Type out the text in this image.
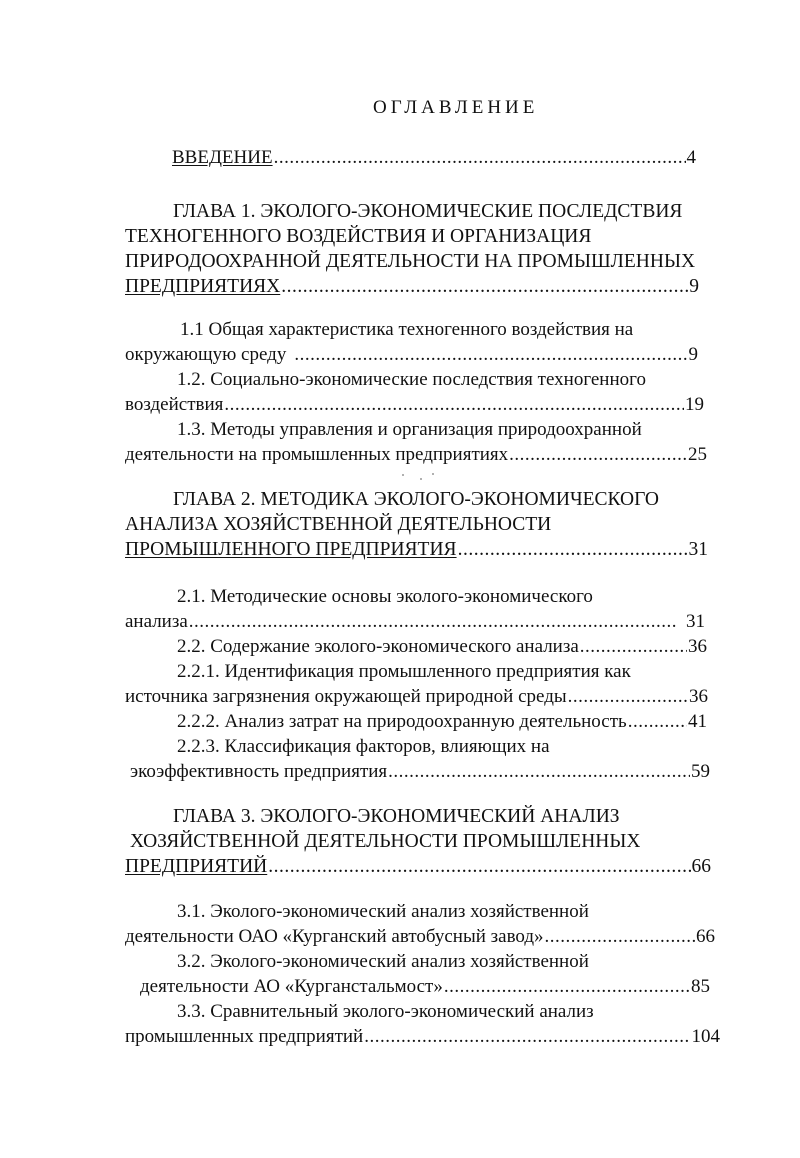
ОГЛАВЛЕНИЕ
ВВЕДЕНИЕ .....	4
ГЛАВА 1. ЭКОЛОГО-ЭКОНОМИЧЕСКИЕ ПОСЛЕДСТВИЯ
ТЕХНОГЕННОГО ВОЗДЕЙСТВИЯ И ОРГАНИЗАЦИЯ
ПРИРОДООХРАННОЙ ДЕЯТЕЛЬНОСТИ НА ПРОМЫШЛЕННЫХ
ПРЕДПРИЯТИЯХ .....	9
1.1 Общая характеристика техногенного воздействия на
окружающую среду .....	9
1.2. Социально-экономические последствия техногенного
воздействия .....	19
1.3. Методы управления и организация природоохранной
деятельности на промышленных предприятиях .....	25
ГЛАВА 2. МЕТОДИКА ЭКОЛОГО-ЭКОНОМИЧЕСКОГО
АНАЛИЗА ХОЗЯЙСТВЕННОЙ ДЕЯТЕЛЬНОСТИ
ПРОМЫШЛЕННОГО ПРЕДПРИЯТИЯ .....	31
2.1. Методические основы эколого-экономического
анализа .....	31
2.2. Содержание эколого-экономического анализа .....	36
2.2.1. Идентификация промышленного предприятия как
источника загрязнения окружающей природной среды .....	36
2.2.2. Анализ затрат на природоохранную деятельность .....	41
2.2.3. Классификация факторов, влияющих на
экоэффективность предприятия .....	59
ГЛАВА 3. ЭКОЛОГО-ЭКОНОМИЧЕСКИЙ АНАЛИЗ
ХОЗЯЙСТВЕННОЙ ДЕЯТЕЛЬНОСТИ ПРОМЫШЛЕННЫХ
ПРЕДПРИЯТИЙ .....	66
3.1. Эколого-экономический анализ хозяйственной
деятельности ОАО «Курганский автобусный завод» .....	66
3.2. Эколого-экономический анализ хозяйственной
деятельности АО «Курганстальмост» .....	85
3.3. Сравнительный эколого-экономический анализ
промышленных предприятий .....	104
